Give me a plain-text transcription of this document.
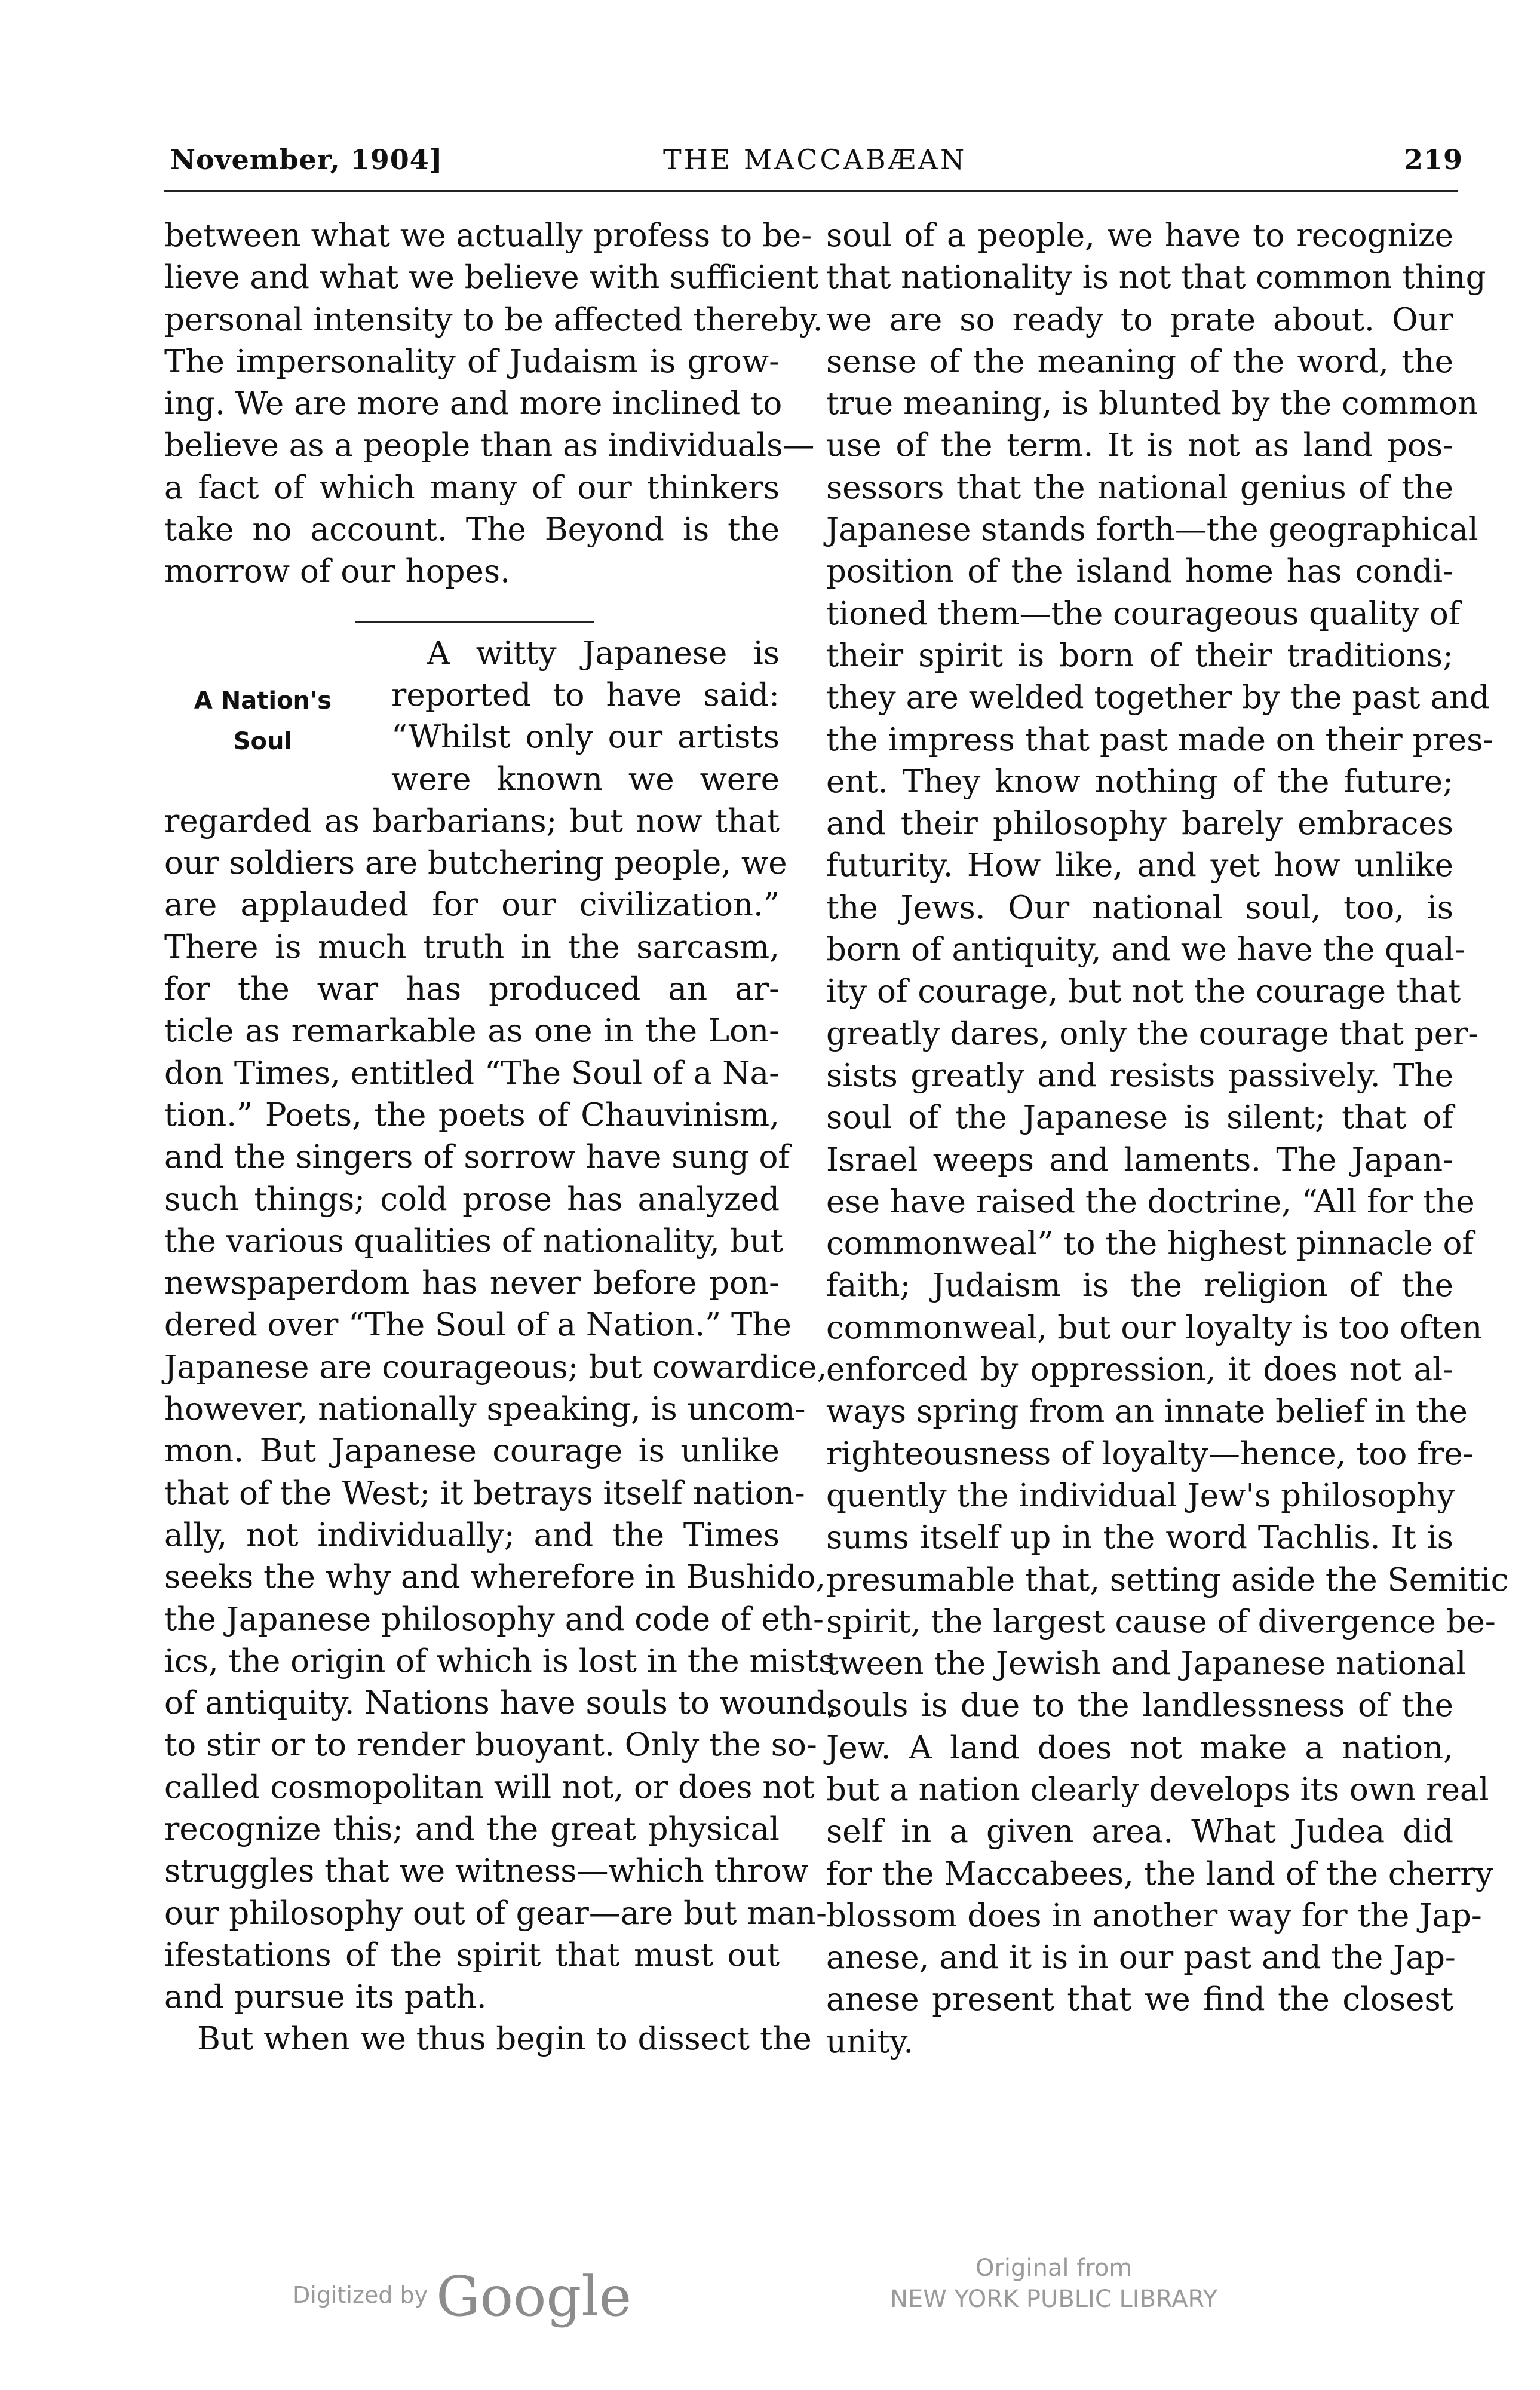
November, 1904]	THE MACCABÆAN	219
between what we actually profess to be-
lieve and what we believe with sufficient
personal intensity to be affected thereby.
The impersonality of Judaism is grow-
ing. We are more and more inclined to
believe as a people than as individuals—
a fact of which many of our thinkers
take no account. The Beyond is the
morrow of our hopes.
A Nation's
Soul
A witty Japanese is
reported to have said:
“Whilst only our artists
were known we were
regarded as barbarians; but now that
our soldiers are butchering people, we
are applauded for our civilization.”
There is much truth in the sarcasm,
for the war has produced an ar-
ticle as remarkable as one in the Lon-
don Times, entitled “The Soul of a Na-
tion.” Poets, the poets of Chauvinism,
and the singers of sorrow have sung of
such things; cold prose has analyzed
the various qualities of nationality, but
newspaperdom has never before pon-
dered over “The Soul of a Nation.” The
Japanese are courageous; but cowardice,
however, nationally speaking, is uncom-
mon. But Japanese courage is unlike
that of the West; it betrays itself nation-
ally, not individually; and the Times
seeks the why and wherefore in Bushido,
the Japanese philosophy and code of eth-
ics, the origin of which is lost in the mists
of antiquity. Nations have souls to wound,
to stir or to render buoyant. Only the so-
called cosmopolitan will not, or does not
recognize this; and the great physical
struggles that we witness—which throw
our philosophy out of gear—are but man-
ifestations of the spirit that must out
and pursue its path.
But when we thus begin to dissect the
soul of a people, we have to recognize
that nationality is not that common thing
we are so ready to prate about. Our
sense of the meaning of the word, the
true meaning, is blunted by the common
use of the term. It is not as land pos-
sessors that the national genius of the
Japanese stands forth—the geographical
position of the island home has condi-
tioned them—the courageous quality of
their spirit is born of their traditions;
they are welded together by the past and
the impress that past made on their pres-
ent. They know nothing of the future;
and their philosophy barely embraces
futurity. How like, and yet how unlike
the Jews. Our national soul, too, is
born of antiquity, and we have the qual-
ity of courage, but not the courage that
greatly dares, only the courage that per-
sists greatly and resists passively. The
soul of the Japanese is silent; that of
Israel weeps and laments. The Japan-
ese have raised the doctrine, “All for the
commonweal” to the highest pinnacle of
faith; Judaism is the religion of the
commonweal, but our loyalty is too often
enforced by oppression, it does not al-
ways spring from an innate belief in the
righteousness of loyalty—hence, too fre-
quently the individual Jew's philosophy
sums itself up in the word Tachlis. It is
presumable that, setting aside the Semitic
spirit, the largest cause of divergence be-
tween the Jewish and Japanese national
souls is due to the landlessness of the
Jew. A land does not make a nation,
but a nation clearly develops its own real
self in a given area. What Judea did
for the Maccabees, the land of the cherry
blossom does in another way for the Jap-
anese, and it is in our past and the Jap-
anese present that we find the closest
unity.
Digitized by Google	Original from
NEW YORK PUBLIC LIBRARY
